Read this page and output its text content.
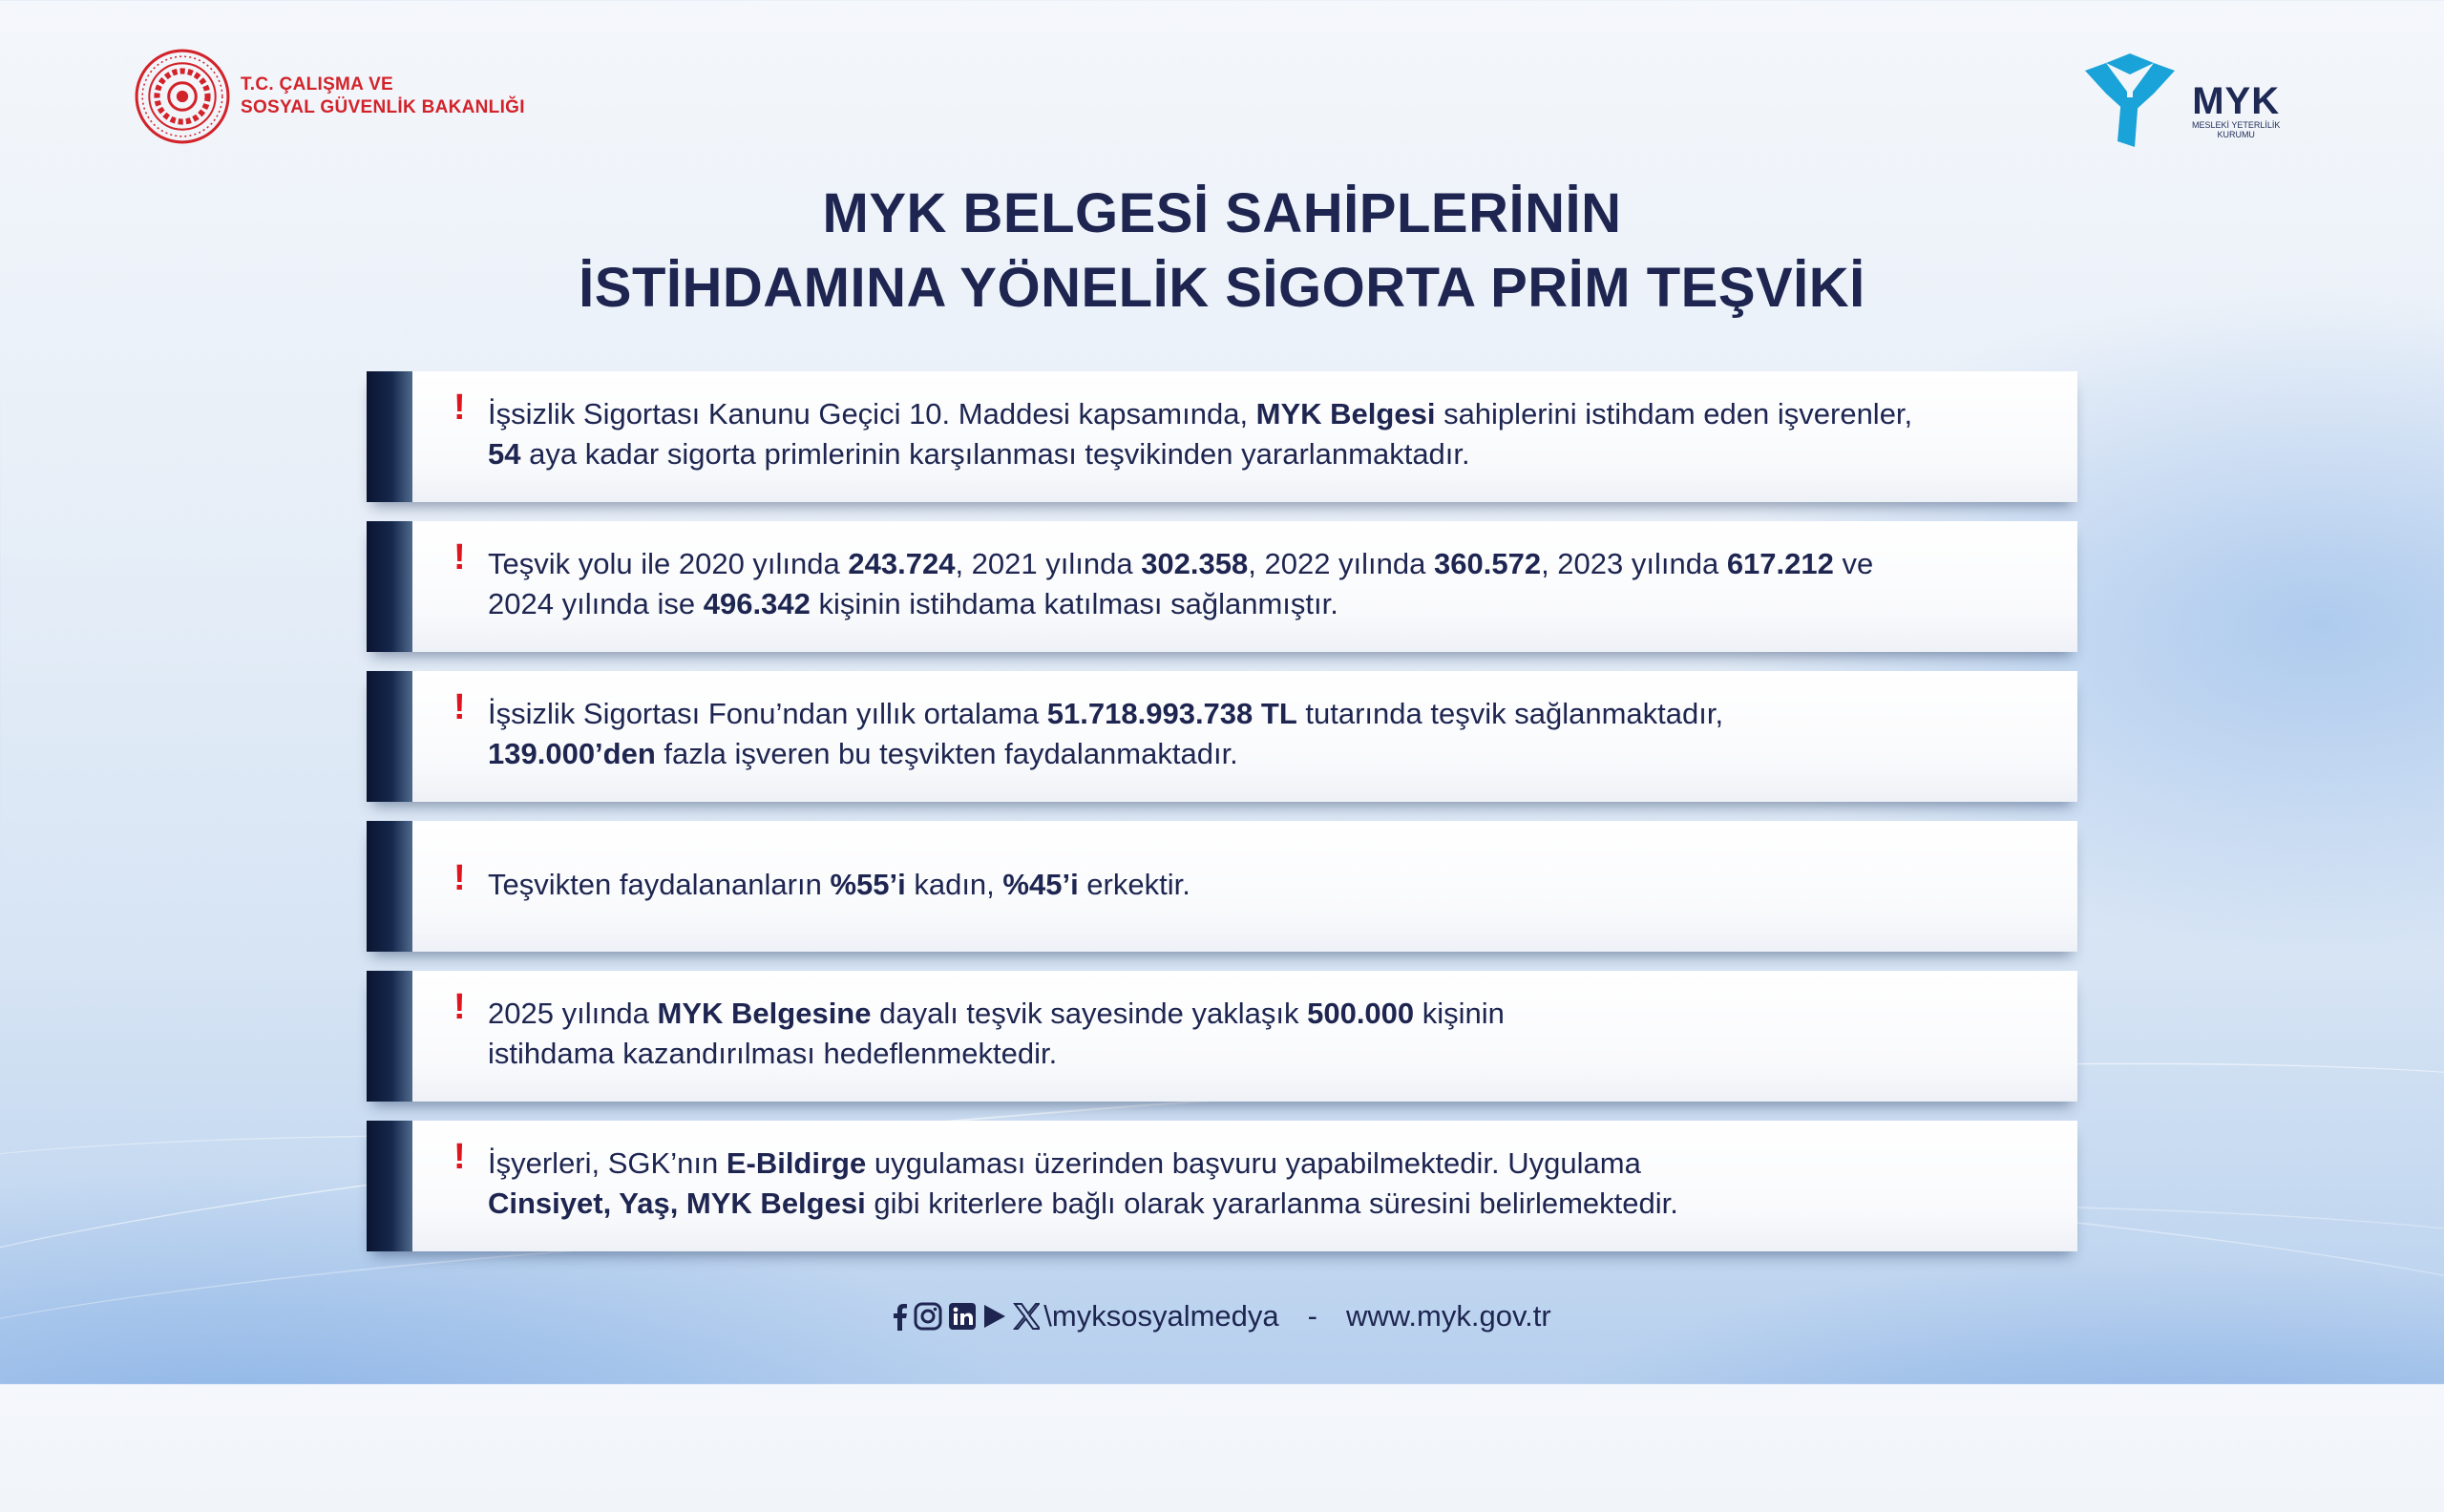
T.C. ÇALIŞMA VE
SOSYAL GÜVENLİK BAKANLIĞI	MYK
MESLEKİ YETERLİLİK
KURUMU
MYK BELGESİ SAHİPLERİNİN
İSTİHDAMINA YÖNELİK SİGORTA PRİM TEŞVİKİ
! İşsizlik Sigortası Kanunu Geçici 10. Maddesi kapsamında, MYK Belgesi sahiplerini istihdam eden işverenler,
54 aya kadar sigorta primlerinin karşılanması teşvikinden yararlanmaktadır.
! Teşvik yolu ile 2020 yılında 243.724, 2021 yılında 302.358, 2022 yılında 360.572, 2023 yılında 617.212 ve
2024 yılında ise 496.342 kişinin istihdama katılması sağlanmıştır.
! İşsizlik Sigortası Fonu’ndan yıllık ortalama 51.718.993.738 TL tutarında teşvik sağlanmaktadır,
139.000’den fazla işveren bu teşvikten faydalanmaktadır.
! Teşvikten faydalananların %55’i kadın, %45’i erkektir.
! 2025 yılında MYK Belgesine dayalı teşvik sayesinde yaklaşık 500.000 kişinin
istihdama kazandırılması hedeflenmektedir.
! İşyerleri, SGK’nın E-Bildirge uygulaması üzerinden başvuru yapabilmektedir. Uygulama
Cinsiyet, Yaş, MYK Belgesi gibi kriterlere bağlı olarak yararlanma süresini belirlemektedir.
\myksosyalmedya - www.myk.gov.tr
